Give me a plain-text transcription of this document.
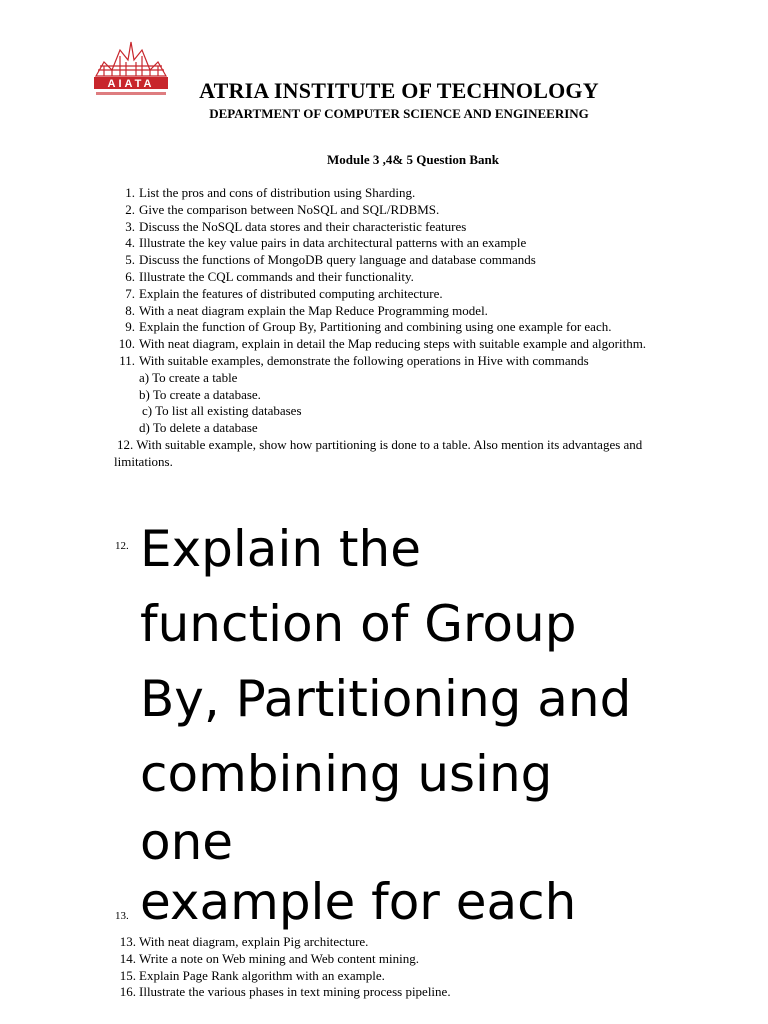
AIATA	ATRIA INSTITUTE OF TECHNOLOGY
DEPARTMENT OF COMPUTER SCIENCE AND ENGINEERING
Module 3 ,4& 5 Question Bank
1. List the pros and cons of distribution using Sharding.
2. Give the comparison between NoSQL and SQL/RDBMS.
3. Discuss the NoSQL data stores and their characteristic features
4. Illustrate the key value pairs in data architectural patterns with an example
5. Discuss the functions of MongoDB query language and database commands
6. Illustrate the CQL commands and their functionality.
7. Explain the features of distributed computing architecture.
8. With a neat diagram explain the Map Reduce Programming model.
9. Explain the function of Group By, Partitioning and combining using one example for each.
10. With neat diagram, explain in detail the Map reducing steps with suitable example and algorithm.
11. With suitable examples, demonstrate the following operations in Hive with commands
a) To create a table
b) To create a database.
c) To list all existing databases
d) To delete a database
12. With suitable example, show how partitioning is done to a table. Also mention its advantages and limitations.
12. Explain the
function of Group
By, Partitioning and
combining using
one
example for each
13.
13. With neat diagram, explain Pig architecture.
14. Write a note on Web mining and Web content mining.
15. Explain Page Rank algorithm with an example.
16. Illustrate the various phases in text mining process pipeline.
